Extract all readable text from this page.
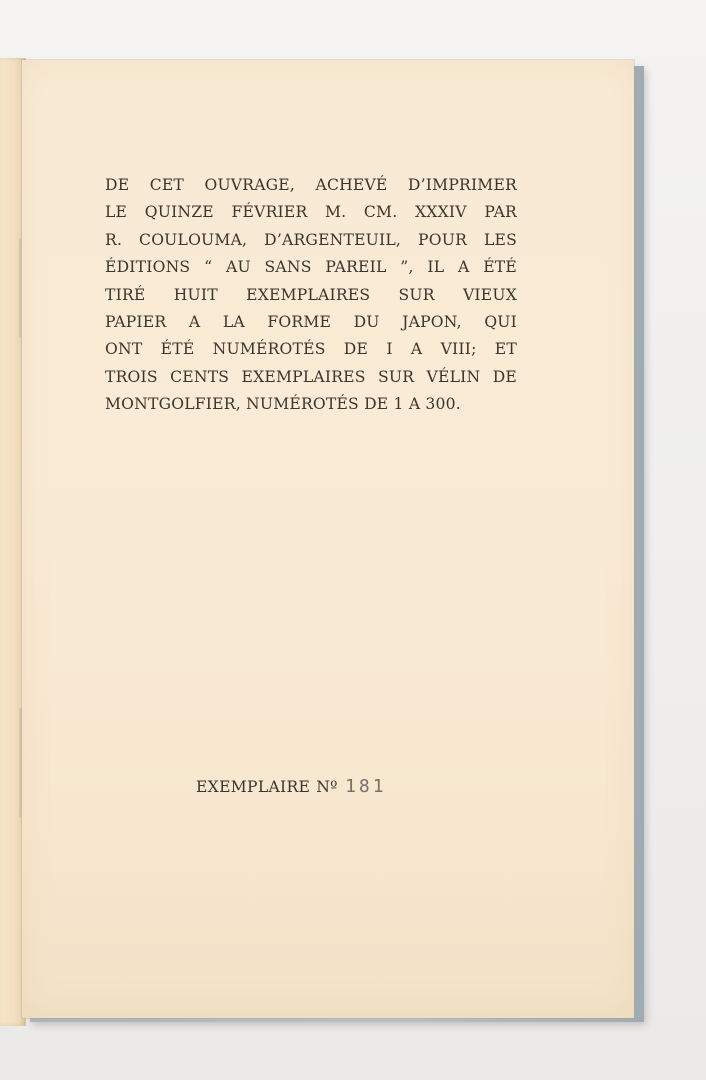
DE CET OUVRAGE, ACHEVÉ D’IMPRIMER
LE QUINZE FÉVRIER M. CM. XXXIV PAR
R. COULOUMA, D’ARGENTEUIL, POUR LES
ÉDITIONS “ AU SANS PAREIL ”, IL A ÉTÉ
TIRÉ HUIT EXEMPLAIRES SUR VIEUX
PAPIER A LA FORME DU JAPON, QUI
ONT ÉTÉ NUMÉROTÉS DE I A VIII; ET
TROIS CENTS EXEMPLAIRES SUR VÉLIN DE
MONTGOLFIER, NUMÉROTÉS DE 1 A 300.
EXEMPLAIRE Nº 181
